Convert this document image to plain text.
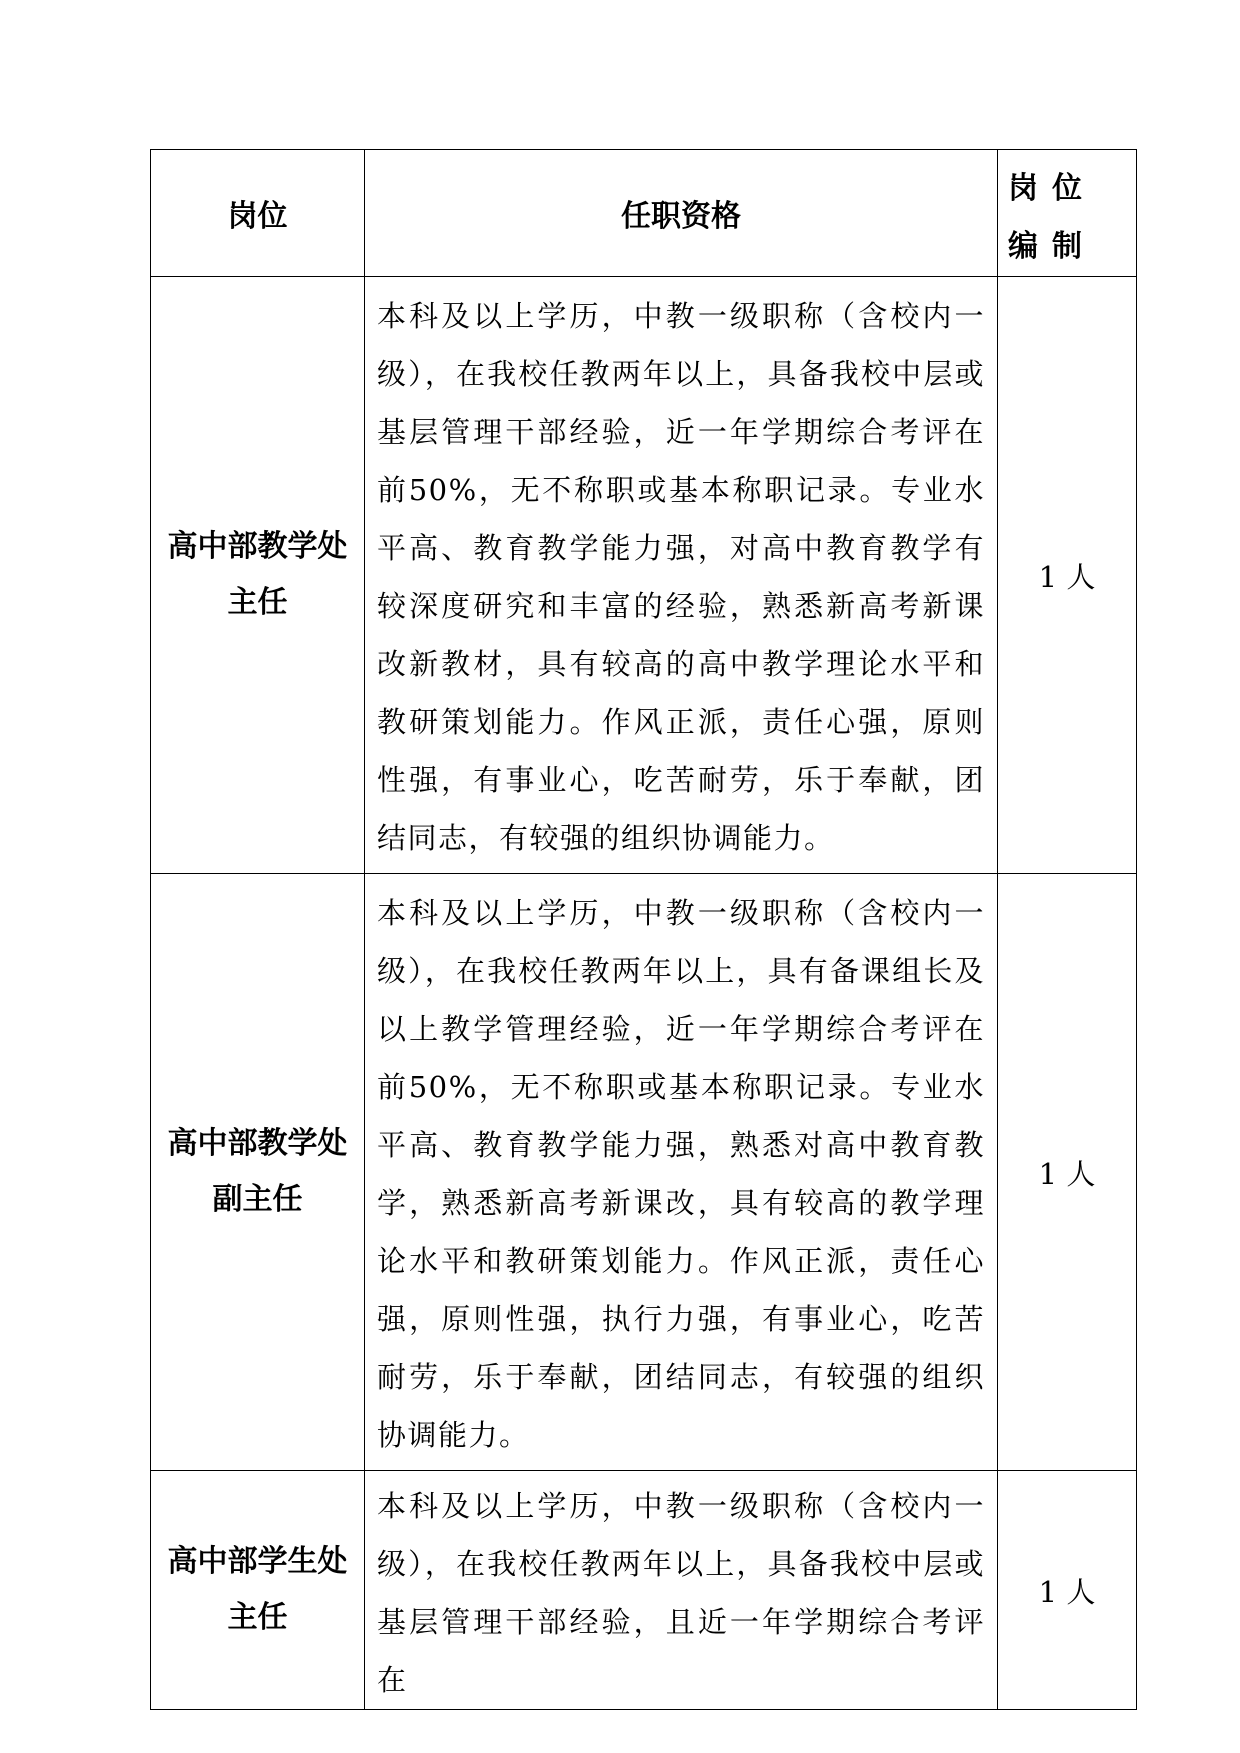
岗位	任职资格	岗位编制

高中部教学处主任	本科及以上学历，中教一级职称（含校内一级），在我校任教两年以上，具备我校中层或基层管理干部经验，近一年学期综合考评在前50%，无不称职或基本称职记录。专业水平高、教育教学能力强，对高中教育教学有较深度研究和丰富的经验，熟悉新高考新课改新教材，具有较高的高中教学理论水平和教研策划能力。作风正派，责任心强，原则性强，有事业心，吃苦耐劳，乐于奉献，团结同志，有较强的组织协调能力。	1 人

高中部教学处副主任	本科及以上学历，中教一级职称（含校内一级），在我校任教两年以上，具有备课组长及以上教学管理经验，近一年学期综合考评在前50%，无不称职或基本称职记录。专业水平高、教育教学能力强，熟悉对高中教育教学，熟悉新高考新课改，具有较高的教学理论水平和教研策划能力。作风正派，责任心强，原则性强，执行力强，有事业心，吃苦耐劳，乐于奉献，团结同志，有较强的组织协调能力。	1 人

高中部学生处主任	本科及以上学历，中教一级职称（含校内一级），在我校任教两年以上，具备我校中层或基层管理干部经验，且近一年学期综合考评在	1 人
